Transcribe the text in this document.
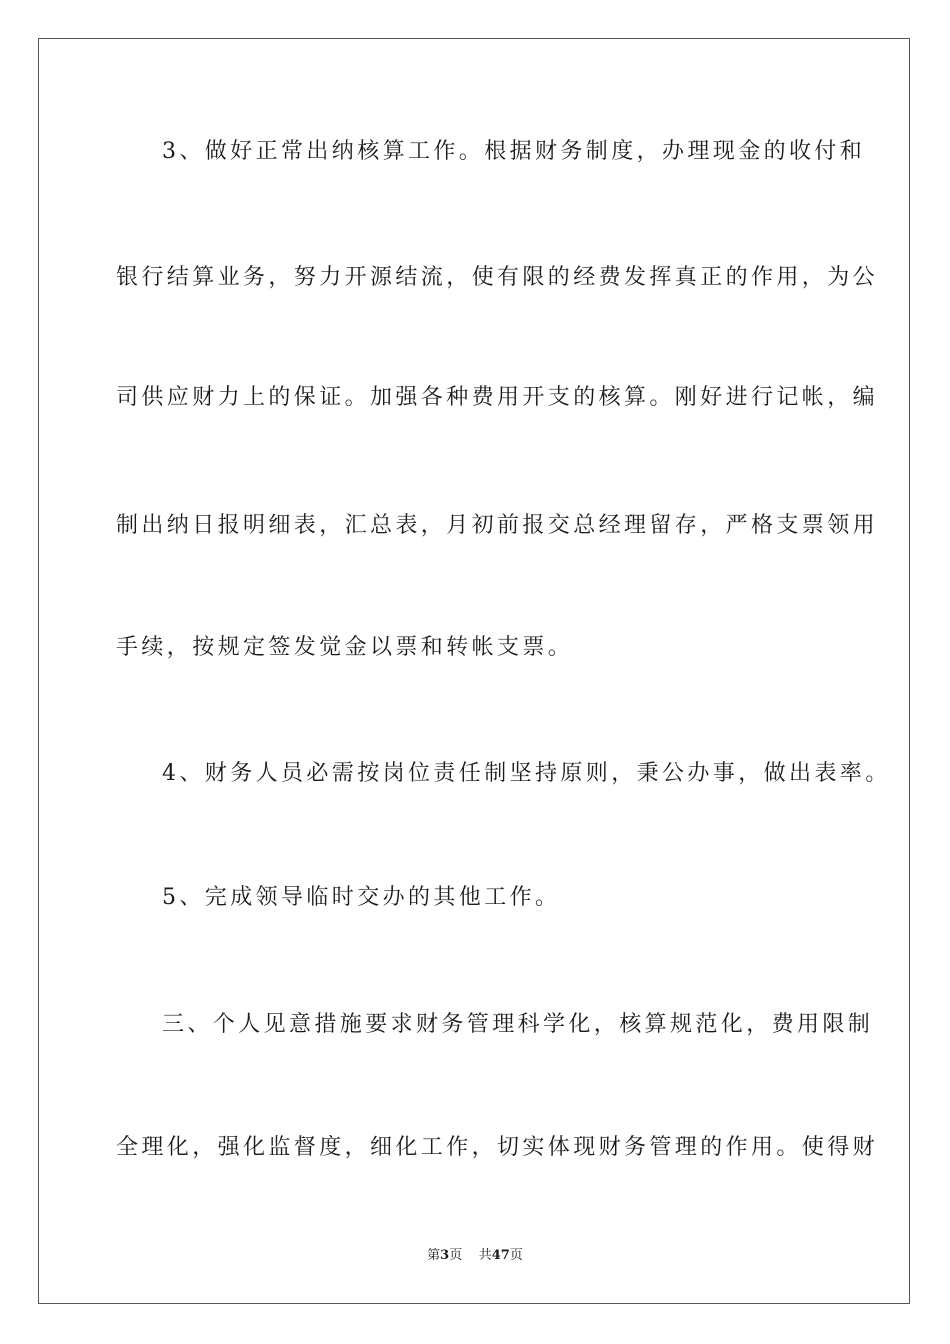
3、做好正常出纳核算工作。根据财务制度，办理现金的收付和
银行结算业务，努力开源结流，使有限的经费发挥真正的作用，为公
司供应财力上的保证。加强各种费用开支的核算。刚好进行记帐，编
制出纳日报明细表，汇总表，月初前报交总经理留存，严格支票领用
手续，按规定签发觉金以票和转帐支票。
4、财务人员必需按岗位责任制坚持原则，秉公办事，做出表率。
5、完成领导临时交办的其他工作。
三、个人见意措施要求财务管理科学化，核算规范化，费用限制
全理化，强化监督度，细化工作，切实体现财务管理的作用。使得财
第3页 共47页
